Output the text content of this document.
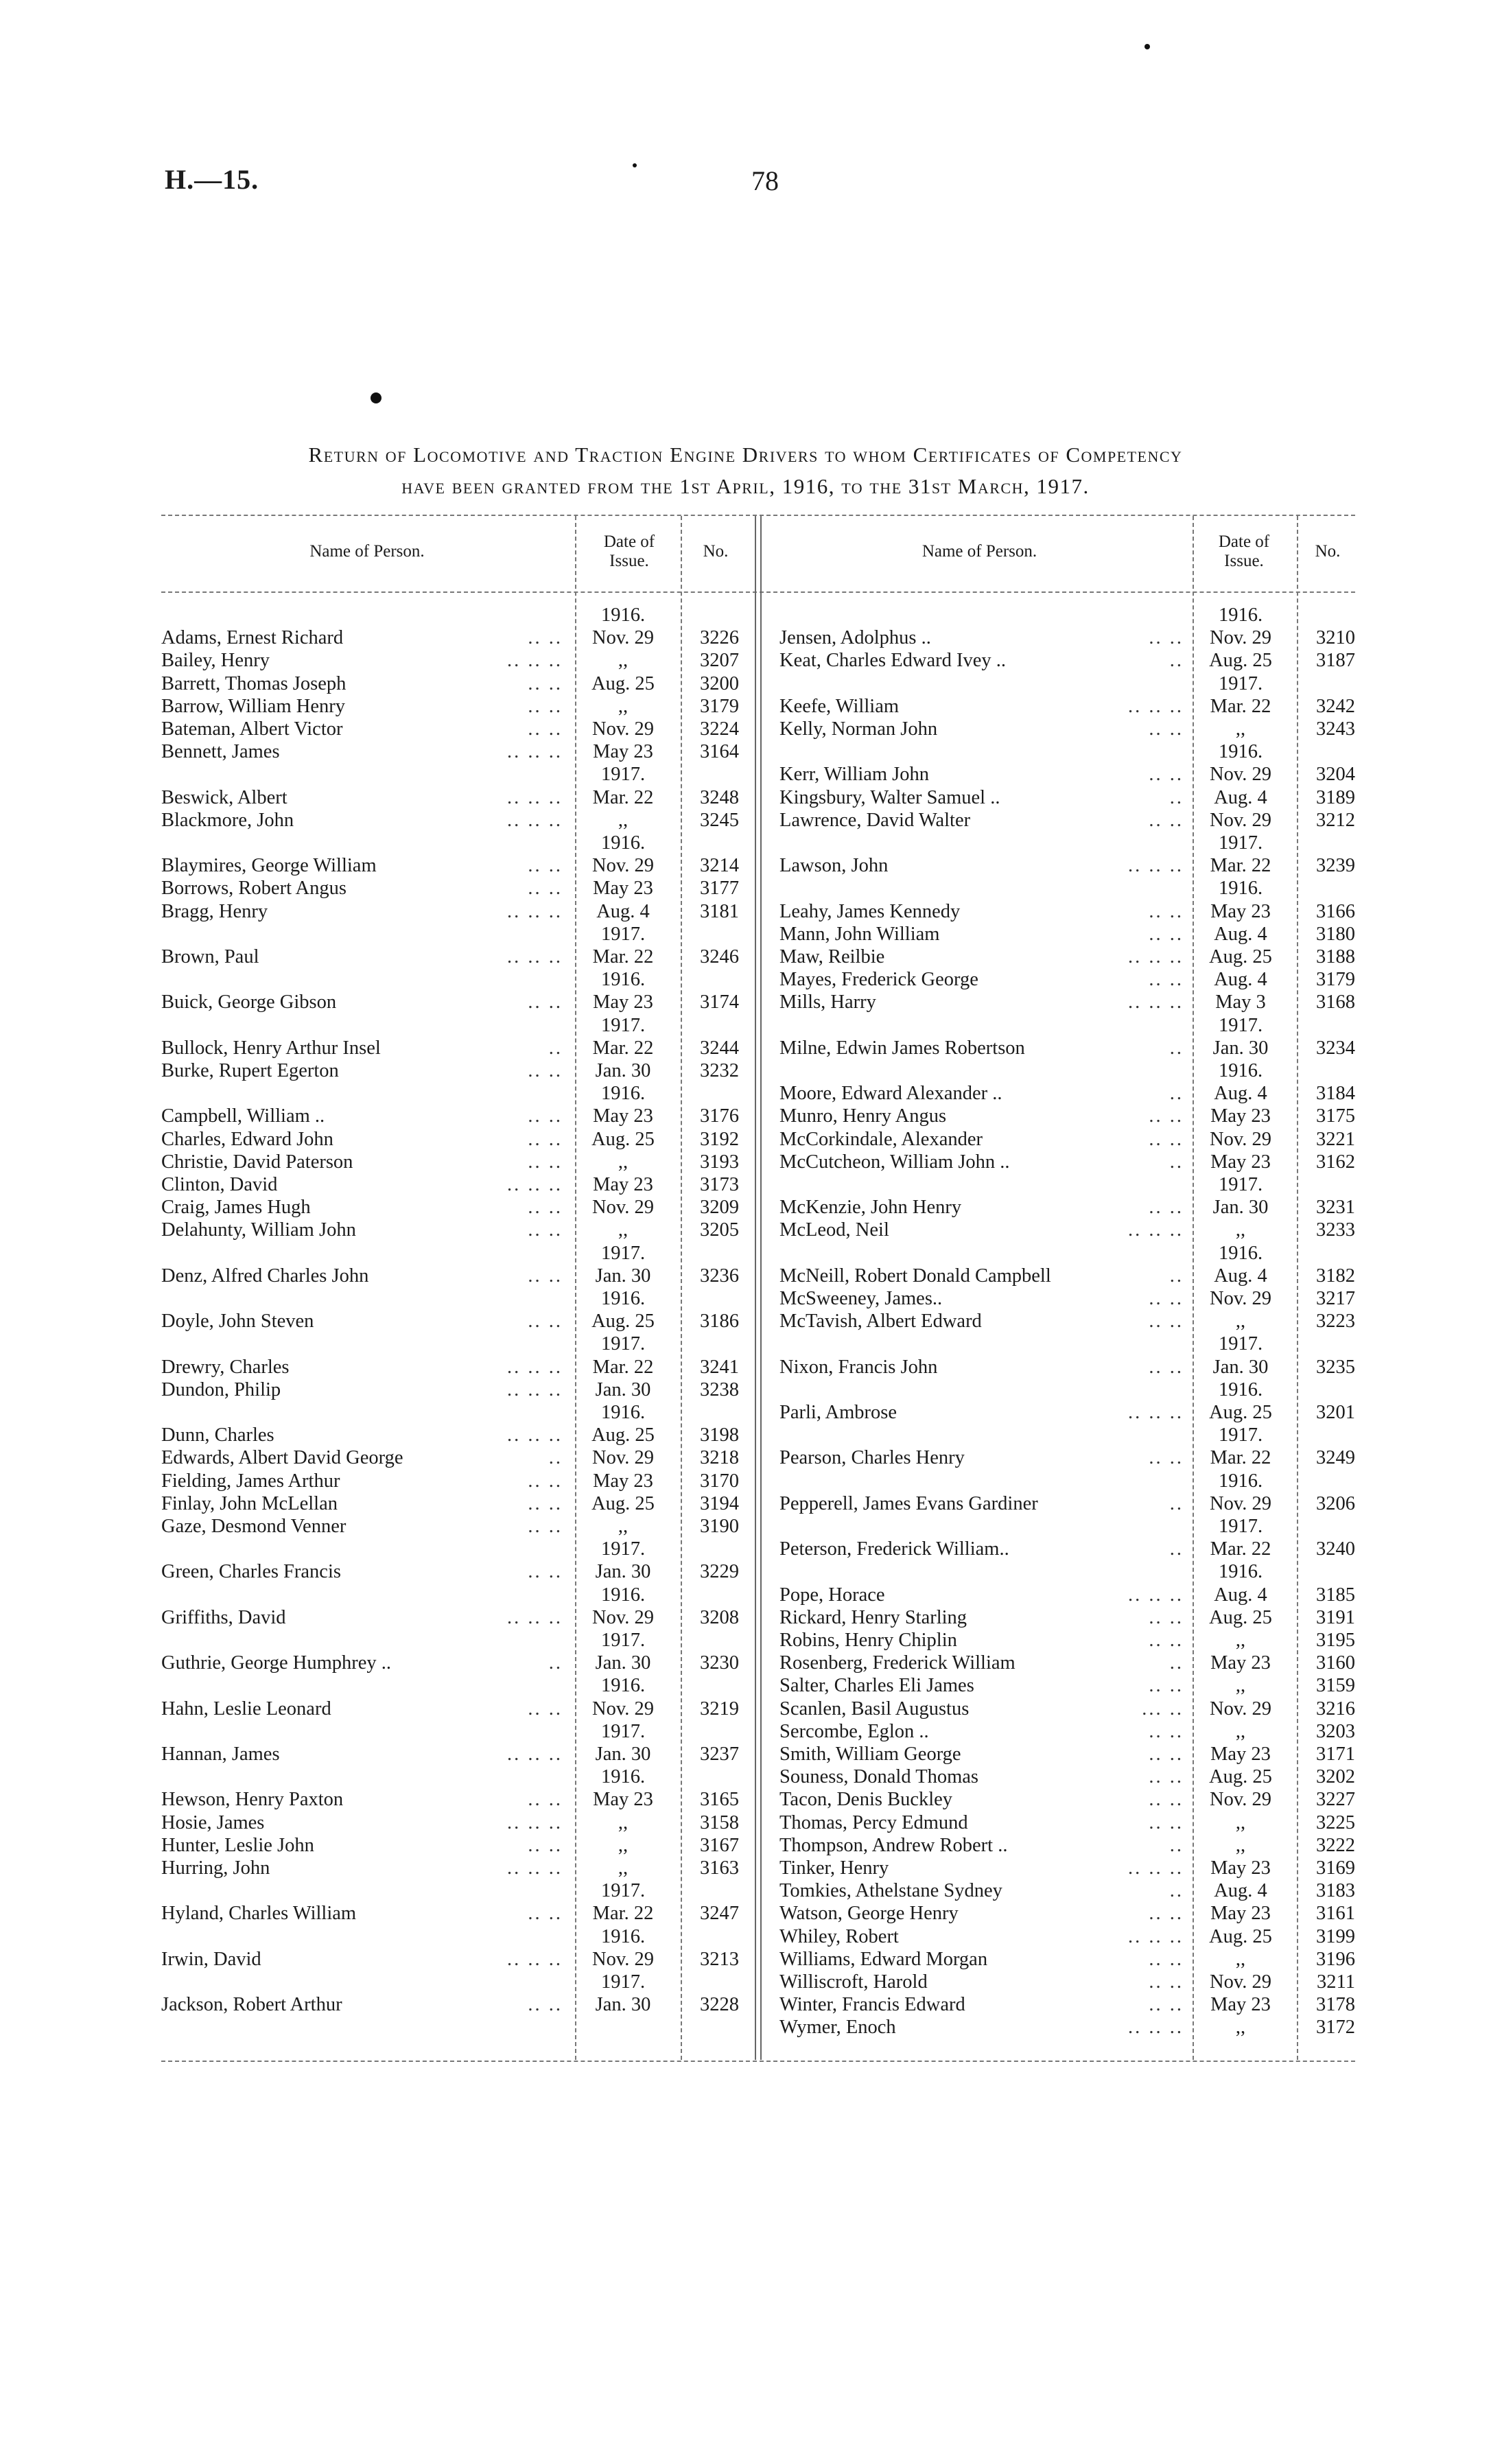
H.—15.	78
Return of Locomotive and Traction Engine Drivers to whom Certificates of Competency
have been granted from the 1st April, 1916, to the 31st March, 1917.
Name of Person.
Date of Issue.
No.	Name of Person.
Date of Issue.
No.
1916.
Adams, Ernest Richard	.. ..	Nov. 29	3226
Bailey, Henry	.. .. ..	,,	3207
Barrett, Thomas Joseph	.. ..	Aug. 25	3200
Barrow, William Henry	.. ..	,,	3179
Bateman, Albert Victor	.. ..	Nov. 29	3224
Bennett, James	.. .. ..	May 23	3164
1917.
Beswick, Albert	.. .. ..	Mar. 22	3248
Blackmore, John	.. .. ..	,,	3245
1916.
Blaymires, George William	.. ..	Nov. 29	3214
Borrows, Robert Angus	.. ..	May 23	3177
Bragg, Henry	.. .. ..	Aug. 4	3181
1917.
Brown, Paul	.. .. ..	Mar. 22	3246
1916.
Buick, George Gibson	.. ..	May 23	3174
1917.
Bullock, Henry Arthur Insel	..	Mar. 22	3244
Burke, Rupert Egerton	.. ..	Jan. 30	3232
1916.
Campbell, William ..	.. ..	May 23	3176
Charles, Edward John	.. ..	Aug. 25	3192
Christie, David Paterson	.. ..	,,	3193
Clinton, David	.. .. ..	May 23	3173
Craig, James Hugh	.. ..	Nov. 29	3209
Delahunty, William John	.. ..	,,	3205
1917.
Denz, Alfred Charles John	.. ..	Jan. 30	3236
1916.
Doyle, John Steven	.. ..	Aug. 25	3186
1917.
Drewry, Charles	.. .. ..	Mar. 22	3241
Dundon, Philip	.. .. ..	Jan. 30	3238
1916.
Dunn, Charles	.. .. ..	Aug. 25	3198
Edwards, Albert David George	..	Nov. 29	3218
Fielding, James Arthur	.. ..	May 23	3170
Finlay, John McLellan	.. ..	Aug. 25	3194
Gaze, Desmond Venner	.. ..	,,	3190
1917.
Green, Charles Francis	.. ..	Jan. 30	3229
1916.
Griffiths, David	.. .. ..	Nov. 29	3208
1917.
Guthrie, George Humphrey ..	..	Jan. 30	3230
1916.
Hahn, Leslie Leonard	.. ..	Nov. 29	3219
1917.
Hannan, James	.. .. ..	Jan. 30	3237
1916.
Hewson, Henry Paxton	.. ..	May 23	3165
Hosie, James	.. .. ..	,,	3158
Hunter, Leslie John	.. ..	,,	3167
Hurring, John	.. .. ..	,,	3163
1917.
Hyland, Charles William	.. ..	Mar. 22	3247
1916.
Irwin, David	.. .. ..	Nov. 29	3213
1917.
Jackson, Robert Arthur	.. ..	Jan. 30	3228
1916.
Jensen, Adolphus ..	.. ..	Nov. 29	3210
Keat, Charles Edward Ivey ..	..	Aug. 25	3187
1917.
Keefe, William	.. .. ..	Mar. 22	3242
Kelly, Norman John	.. ..	,,	3243
1916.
Kerr, William John	.. ..	Nov. 29	3204
Kingsbury, Walter Samuel ..	..	Aug. 4	3189
Lawrence, David Walter	.. ..	Nov. 29	3212
1917.
Lawson, John	.. .. ..	Mar. 22	3239
1916.
Leahy, James Kennedy	.. ..	May 23	3166
Mann, John William	.. ..	Aug. 4	3180
Maw, Reilbie	.. .. ..	Aug. 25	3188
Mayes, Frederick George	.. ..	Aug. 4	3179
Mills, Harry	.. .. ..	May 3	3168
1917.
Milne, Edwin James Robertson	..	Jan. 30	3234
1916.
Moore, Edward Alexander ..	..	Aug. 4	3184
Munro, Henry Angus	.. ..	May 23	3175
McCorkindale, Alexander	.. ..	Nov. 29	3221
McCutcheon, William John ..	..	May 23	3162
1917.
McKenzie, John Henry	.. ..	Jan. 30	3231
McLeod, Neil	.. .. ..	,,	3233
1916.
McNeill, Robert Donald Campbell	..	Aug. 4	3182
McSweeney, James..	.. ..	Nov. 29	3217
McTavish, Albert Edward	.. ..	,,	3223
1917.
Nixon, Francis John	.. ..	Jan. 30	3235
1916.
Parli, Ambrose	.. .. ..	Aug. 25	3201
1917.
Pearson, Charles Henry	.. ..	Mar. 22	3249
1916.
Pepperell, James Evans Gardiner	..	Nov. 29	3206
1917.
Peterson, Frederick William..	..	Mar. 22	3240
1916.
Pope, Horace	.. .. ..	Aug. 4	3185
Rickard, Henry Starling	.. ..	Aug. 25	3191
Robins, Henry Chiplin	.. ..	,,	3195
Rosenberg, Frederick William	..	May 23	3160
Salter, Charles Eli James	.. ..	,,	3159
Scanlen, Basil Augustus	... ..	Nov. 29	3216
Sercombe, Eglon ..	.. ..	,,	3203
Smith, William George	.. ..	May 23	3171
Souness, Donald Thomas	.. ..	Aug. 25	3202
Tacon, Denis Buckley	.. ..	Nov. 29	3227
Thomas, Percy Edmund	.. ..	,,	3225
Thompson, Andrew Robert ..	..	,,	3222
Tinker, Henry	.. .. ..	May 23	3169
Tomkies, Athelstane Sydney	..	Aug. 4	3183
Watson, George Henry	.. ..	May 23	3161
Whiley, Robert	.. .. ..	Aug. 25	3199
Williams, Edward Morgan	.. ..	,,	3196
Williscroft, Harold	.. ..	Nov. 29	3211
Winter, Francis Edward	.. ..	May 23	3178
Wymer, Enoch	.. .. ..	,,	3172
